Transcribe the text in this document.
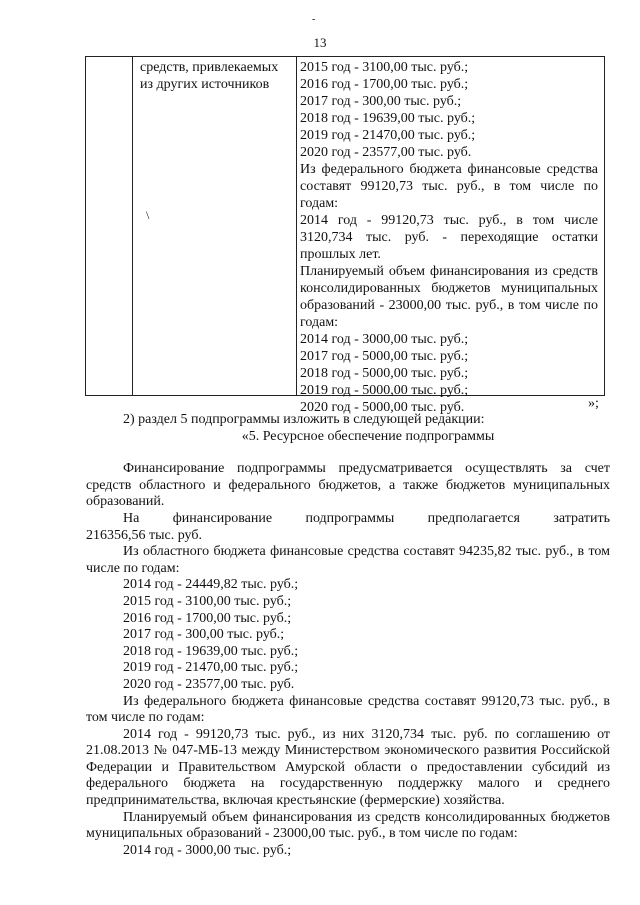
-
13
средств, привлекаемых
из других источников
2015 год - 3100,00 тыс. руб.;
2016 год - 1700,00 тыс. руб.;
2017 год - 300,00 тыс. руб.;
2018 год - 19639,00 тыс. руб.;
2019 год - 21470,00 тыс. руб.;
2020 год - 23577,00 тыс. руб.
Из федерального бюджета финансовые средства составят 99120,73 тыс. руб., в том числе по годам:
2014 год - 99120,73 тыс. руб., в том числе 3120,734 тыс. руб. - переходящие остатки прошлых лет.
Планируемый объем финансирования из средств консолидированных бюджетов муниципальных образований - 23000,00 тыс. руб., в том числе по годам:
2014 год - 3000,00 тыс. руб.;
2017 год - 5000,00 тыс. руб.;
2018 год - 5000,00 тыс. руб.;
2019 год - 5000,00 тыс. руб.;
2020 год - 5000,00 тыс. руб.
\
»;

2) раздел 5 подпрограммы изложить в следующей редакции:

«5. Ресурсное обеспечение подпрограммы

Финансирование подпрограммы предусматривается осуществлять за счет средств областного и федерального бюджетов, а также бюджетов муниципальных образований.

На финансирование подпрограммы предполагается затратить

216356,56 тыс. руб.

Из областного бюджета финансовые средства составят 94235,82 тыс. руб., в том числе по годам:

2014 год - 24449,82 тыс. руб.;

2015 год - 3100,00 тыс. руб.;

2016 год - 1700,00 тыс. руб.;

2017 год - 300,00 тыс. руб.;

2018 год - 19639,00 тыс. руб.;

2019 год - 21470,00 тыс. руб.;

2020 год - 23577,00 тыс. руб.

Из федерального бюджета финансовые средства составят 99120,73 тыс. руб., в том числе по годам:

2014 год - 99120,73 тыс. руб., из них 3120,734 тыс. руб. по соглашению от 21.08.2013 № 047-МБ-13 между Министерством экономического развития Российской Федерации и Правительством Амурской области о предоставлении субсидий из федерального бюджета на государственную поддержку малого и среднего предпринимательства, включая крестьянские (фермерские) хозяйства.

Планируемый объем финансирования из средств консолидированных бюджетов муниципальных образований - 23000,00 тыс. руб., в том числе по годам:

2014 год - 3000,00 тыс. руб.;
